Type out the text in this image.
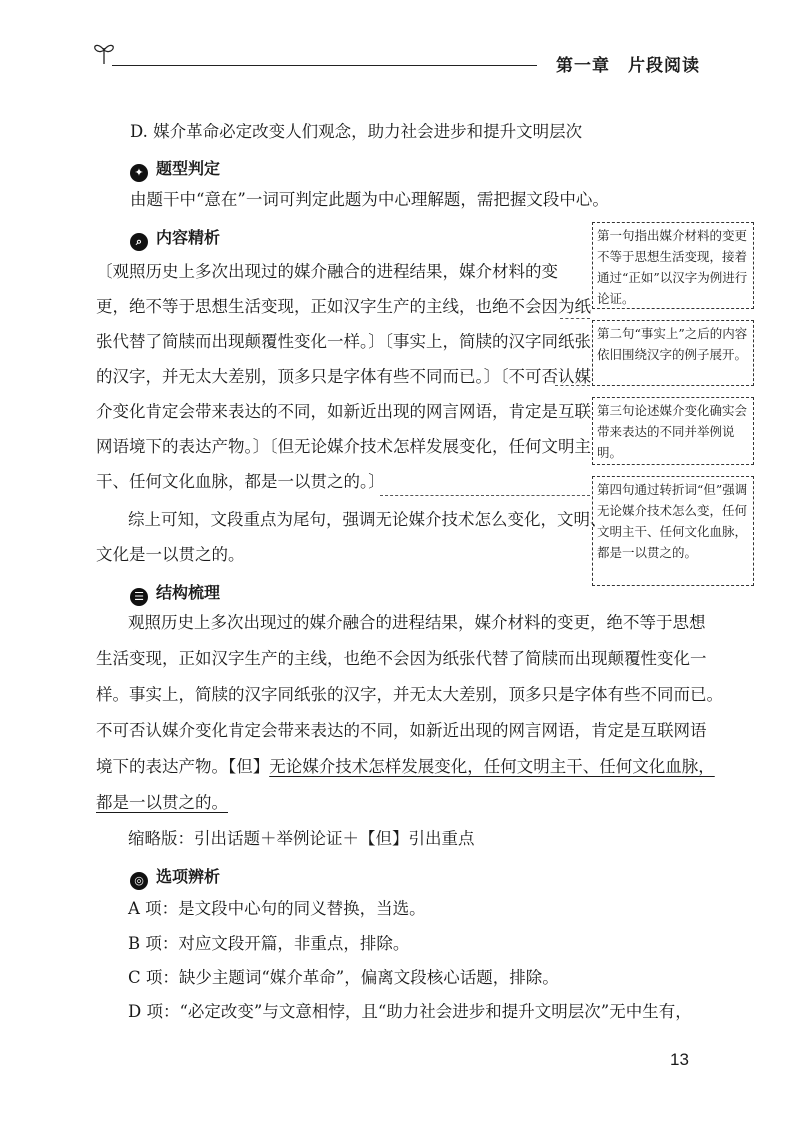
第一章　片段阅读
D. 媒介革命必定改变人们观念，助力社会进步和提升文明层次
✦ 题型判定
由题干中“意在”一词可判定此题为中心理解题，需把握文段中心。
⌕ 内容精析
〔观照历史上多次出现过的媒介融合的进程结果，媒介材料的变
更，绝不等于思想生活变现，正如汉字生产的主线，也绝不会因为纸
张代替了简牍而出现颠覆性变化一样。〕〔事实上，简牍的汉字同纸张
的汉字，并无太大差别，顶多只是字体有些不同而已。〕〔不可否认媒
介变化肯定会带来表达的不同，如新近出现的网言网语，肯定是互联
网语境下的表达产物。〕〔但无论媒介技术怎样发展变化，任何文明主
干、任何文化血脉，都是一以贯之的。〕
综上可知，文段重点为尾句，强调无论媒介技术怎么变化，文明、
文化是一以贯之的。
第一句指出媒介材料的变更不等于思想生活变现，接着通过“正如”以汉字为例进行论证。
第二句“事实上”之后的内容依旧围绕汉字的例子展开。
第三句论述媒介变化确实会带来表达的不同并举例说明。
第四句通过转折词“但”强调无论媒介技术怎么变，任何文明主干、任何文化血脉，都是一以贯之的。
☰ 结构梳理
观照历史上多次出现过的媒介融合的进程结果，媒介材料的变更，绝不等于思想
生活变现，正如汉字生产的主线，也绝不会因为纸张代替了简牍而出现颠覆性变化一
样。事实上，简牍的汉字同纸张的汉字，并无太大差别，顶多只是字体有些不同而已。
不可否认媒介变化肯定会带来表达的不同，如新近出现的网言网语，肯定是互联网语
境下的表达产物。【但】无论媒介技术怎样发展变化，任何文明主干、任何文化血脉，
都是一以贯之的。
缩略版：引出话题＋举例论证＋【但】引出重点
◎ 选项辨析
A 项：是文段中心句的同义替换，当选。
B 项：对应文段开篇，非重点，排除。
C 项：缺少主题词“媒介革命”，偏离文段核心话题，排除。
D 项：“必定改变”与文意相悖，且“助力社会进步和提升文明层次”无中生有，
13
